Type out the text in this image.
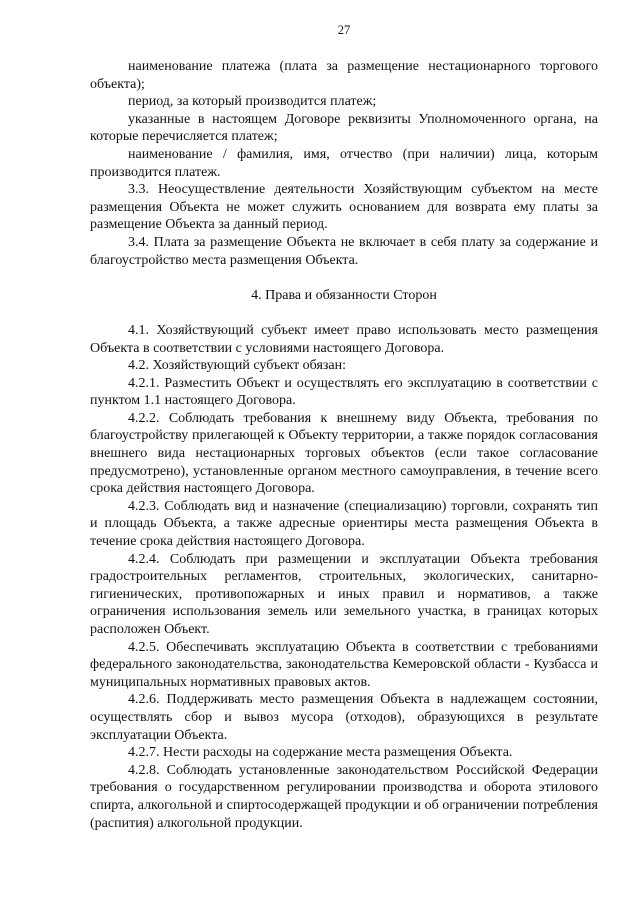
27

наименование платежа (плата за размещение нестационарного торгового объекта);

период, за который производится платеж;

указанные в настоящем Договоре реквизиты Уполномоченного органа, на которые перечисляется платеж;

наименование / фамилия, имя, отчество (при наличии) лица, которым производится платеж.

3.3. Неосуществление деятельности Хозяйствующим субъектом на месте размещения Объекта не может служить основанием для возврата ему платы за размещение Объекта за данный период.

3.4. Плата за размещение Объекта не включает в себя плату за содержание и благоустройство места размещения Объекта.

4. Права и обязанности Сторон

4.1. Хозяйствующий субъект имеет право использовать место размещения Объекта в соответствии с условиями настоящего Договора.

4.2. Хозяйствующий субъект обязан:

4.2.1. Разместить Объект и осуществлять его эксплуатацию в соответствии с пунктом 1.1 настоящего Договора.

4.2.2. Соблюдать требования к внешнему виду Объекта, требования по благоустройству прилегающей к Объекту территории, а также порядок согласования внешнего вида нестационарных торговых объектов (если такое согласование предусмотрено), установленные органом местного самоуправления, в течение всего срока действия настоящего Договора.

4.2.3. Соблюдать вид и назначение (специализацию) торговли, сохранять тип и площадь Объекта, а также адресные ориентиры места размещения Объекта в течение срока действия настоящего Договора.

4.2.4. Соблюдать при размещении и эксплуатации Объекта требования градостроительных регламентов, строительных, экологических, санитарно-гигиенических, противопожарных и иных правил и нормативов, а также ограничения использования земель или земельного участка, в границах которых расположен Объект.

4.2.5. Обеспечивать эксплуатацию Объекта в соответствии с требованиями федерального законодательства, законодательства Кемеровской области - Кузбасса и муниципальных нормативных правовых актов.

4.2.6. Поддерживать место размещения Объекта в надлежащем состоянии, осуществлять сбор и вывоз мусора (отходов), образующихся в результате эксплуатации Объекта.

4.2.7. Нести расходы на содержание места размещения Объекта.

4.2.8. Соблюдать установленные законодательством Российской Федерации требования о государственном регулировании производства и оборота этилового спирта, алкогольной и спиртосодержащей продукции и об ограничении потребления (распития) алкогольной продукции.
